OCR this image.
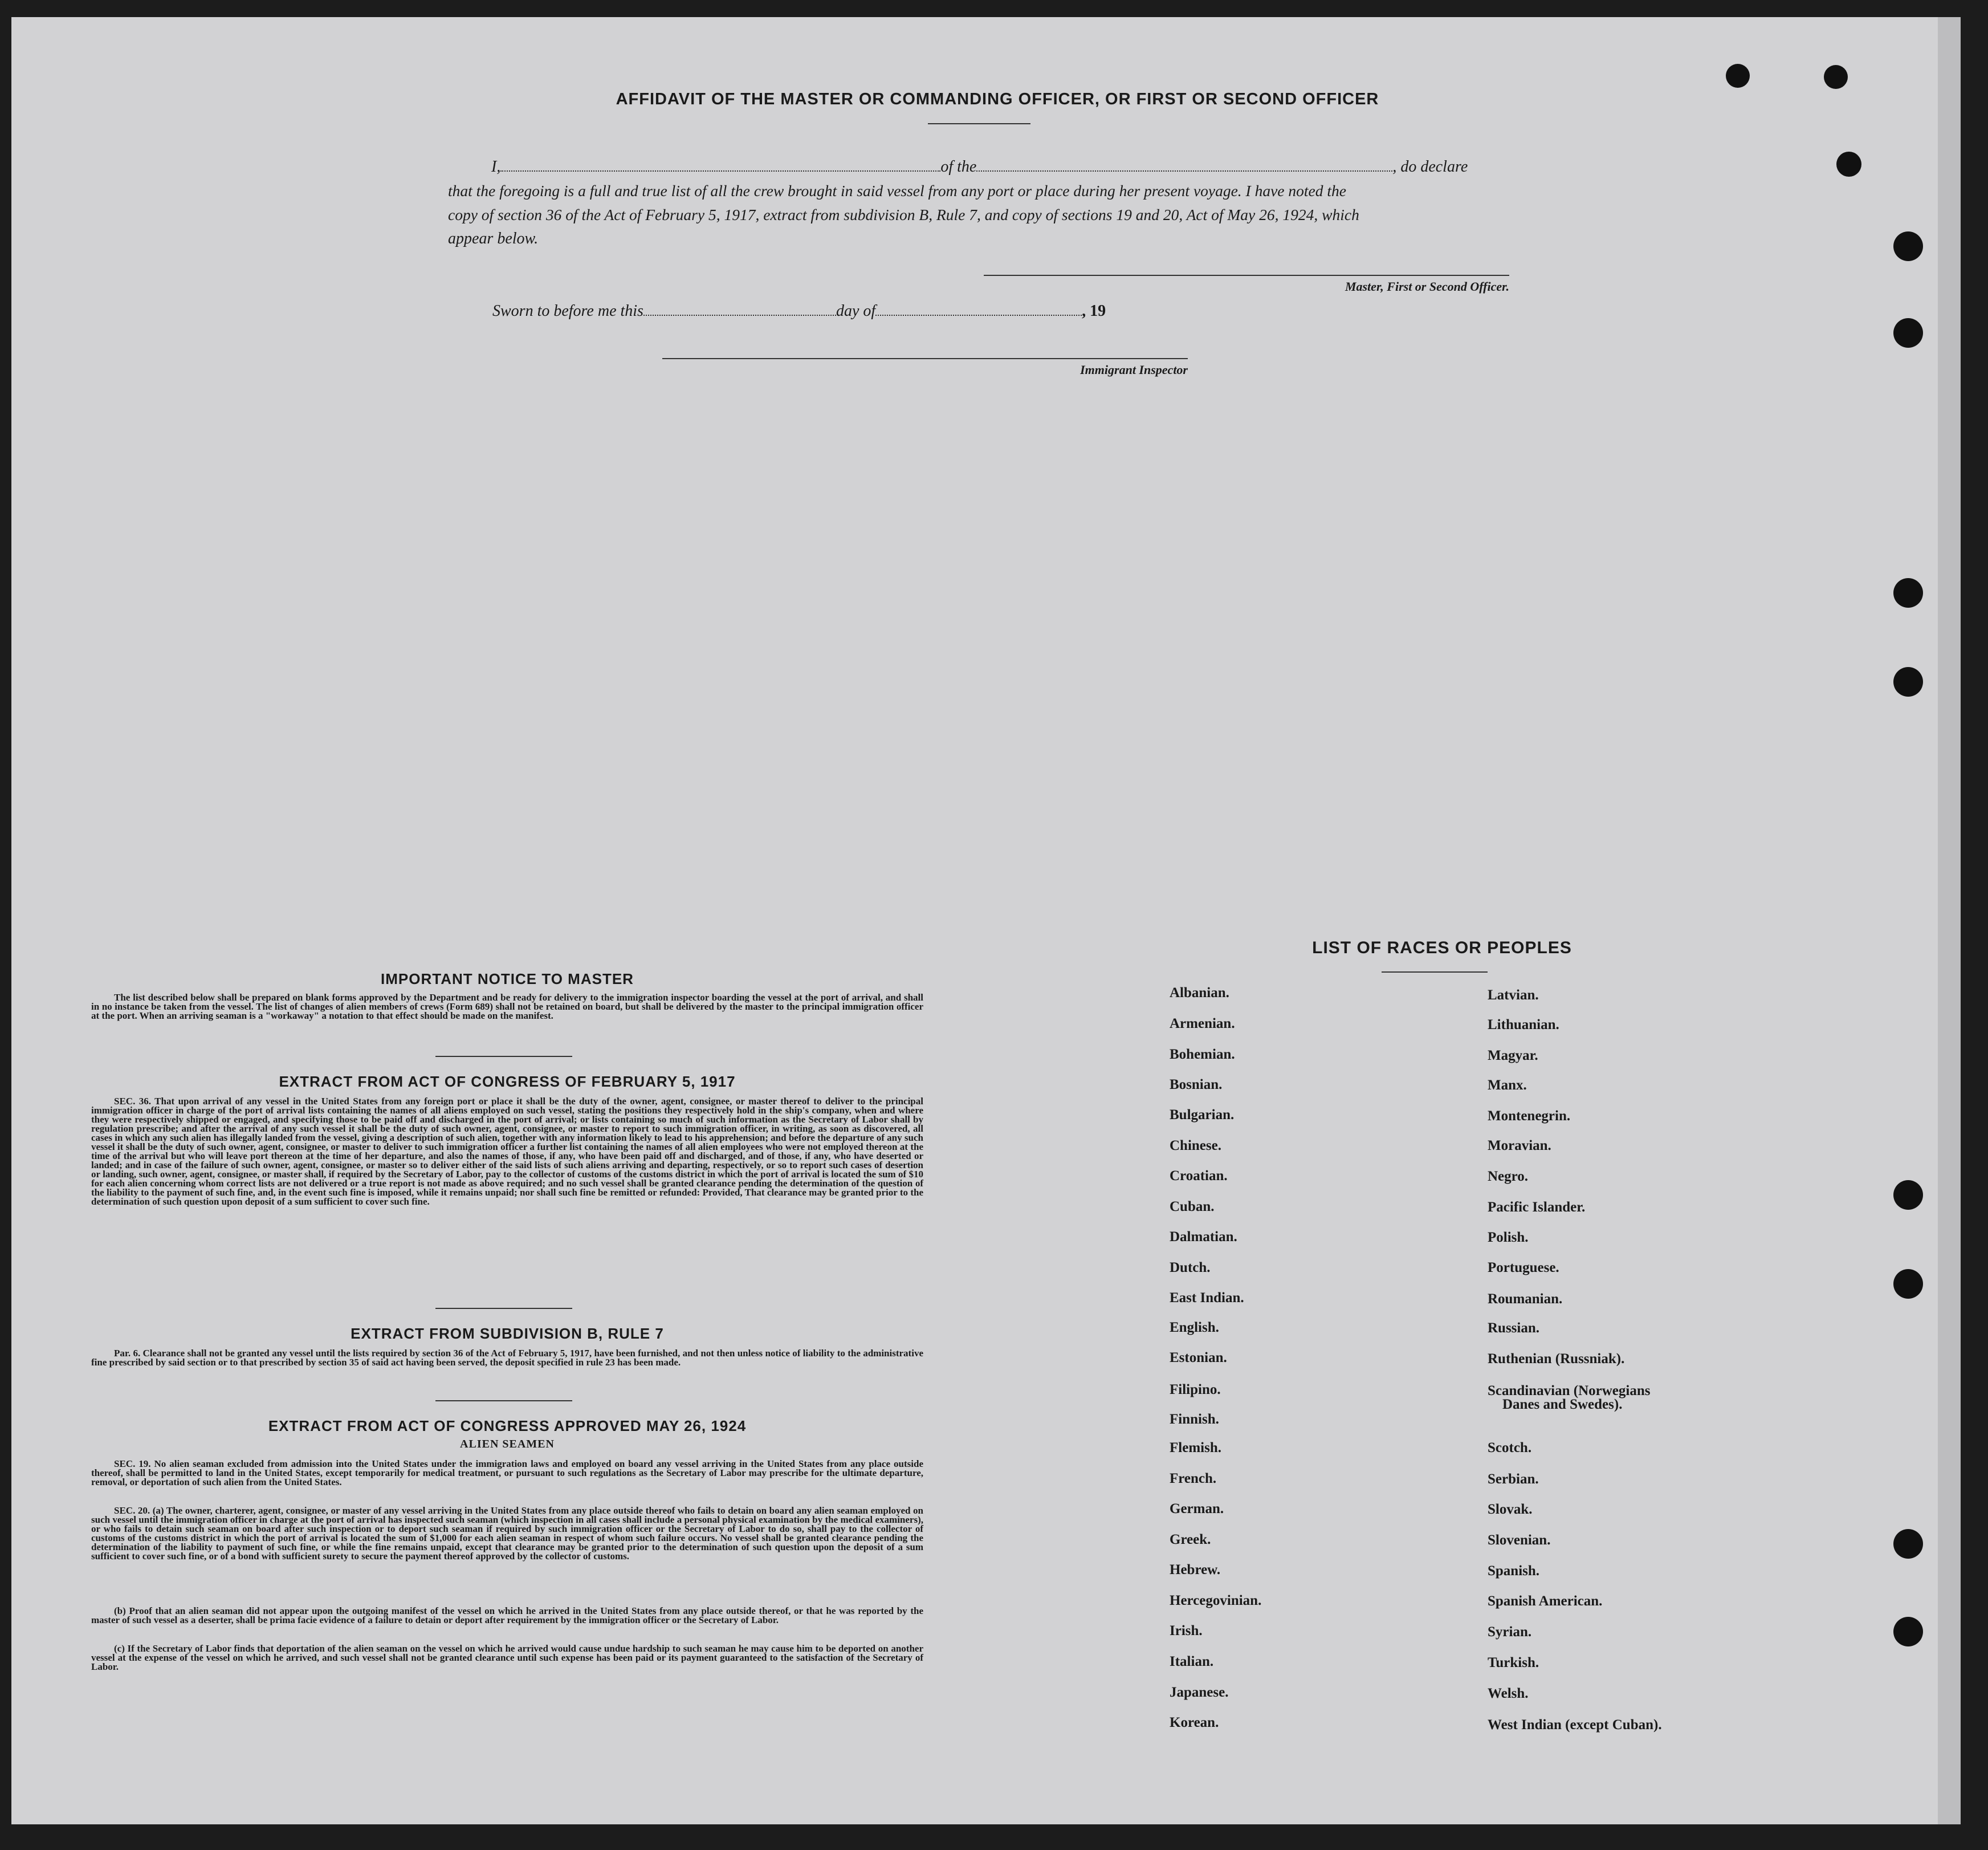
AFFIDAVIT OF THE MASTER OR COMMANDING OFFICER, OR FIRST OR SECOND OFFICER
I,	of the	, do declare
that the foregoing is a full and true list of all the crew brought in said vessel from any port or place during her present voyage. I have noted the
copy of section 36 of the Act of February 5, 1917, extract from subdivision B, Rule 7, and copy of sections 19 and 20, Act of May 26, 1924, which
appear below.
Master, First or Second Officer.
Sworn to before me this	day of	, 19
Immigrant Inspector
IMPORTANT NOTICE TO MASTER
The list described below shall be prepared on blank forms approved by the Department and be ready for delivery to the immigration inspector boarding the vessel at the port of arrival, and shall in no instance be taken from the vessel. The list of changes of alien members of crews (Form 689) shall not be retained on board, but shall be delivered by the master to the principal immigration officer at the port. When an arriving seaman is a "workaway" a notation to that effect should be made on the manifest.
EXTRACT FROM ACT OF CONGRESS OF FEBRUARY 5, 1917
SEC. 36. That upon arrival of any vessel in the United States from any foreign port or place it shall be the duty of the owner, agent, consignee, or master thereof to deliver to the principal immigration officer in charge of the port of arrival lists containing the names of all aliens employed on such vessel, stating the positions they respectively hold in the ship's company, when and where they were respectively shipped or engaged, and specifying those to be paid off and discharged in the port of arrival; or lists containing so much of such information as the Secretary of Labor shall by regulation prescribe; and after the arrival of any such vessel it shall be the duty of such owner, agent, consignee, or master to report to such immigration officer, in writing, as soon as discovered, all cases in which any such alien has illegally landed from the vessel, giving a description of such alien, together with any information likely to lead to his apprehension; and before the departure of any such vessel it shall be the duty of such owner, agent, consignee, or master to deliver to such immigration officer a further list containing the names of all alien employees who were not employed thereon at the time of the arrival but who will leave port thereon at the time of her departure, and also the names of those, if any, who have been paid off and discharged, and of those, if any, who have deserted or landed; and in case of the failure of such owner, agent, consignee, or master so to deliver either of the said lists of such aliens arriving and departing, respectively, or so to report such cases of desertion or landing, such owner, agent, consignee, or master shall, if required by the Secretary of Labor, pay to the collector of customs of the customs district in which the port of arrival is located the sum of $10 for each alien concerning whom correct lists are not delivered or a true report is not made as above required; and no such vessel shall be granted clearance pending the determination of the question of the liability to the payment of such fine, and, in the event such fine is imposed, while it remains unpaid; nor shall such fine be remitted or refunded: Provided, That clearance may be granted prior to the determination of such question upon deposit of a sum sufficient to cover such fine.
EXTRACT FROM SUBDIVISION B, RULE 7
Par. 6. Clearance shall not be granted any vessel until the lists required by section 36 of the Act of February 5, 1917, have been furnished, and not then unless notice of liability to the administrative fine prescribed by said section or to that prescribed by section 35 of said act having been served, the deposit specified in rule 23 has been made.
EXTRACT FROM ACT OF CONGRESS APPROVED MAY 26, 1924
ALIEN SEAMEN
SEC. 19. No alien seaman excluded from admission into the United States under the immigration laws and employed on board any vessel arriving in the United States from any place outside thereof, shall be permitted to land in the United States, except temporarily for medical treatment, or pursuant to such regulations as the Secretary of Labor may prescribe for the ultimate departure, removal, or deportation of such alien from the United States.
SEC. 20. (a) The owner, charterer, agent, consignee, or master of any vessel arriving in the United States from any place outside thereof who fails to detain on board any alien seaman employed on such vessel until the immigration officer in charge at the port of arrival has inspected such seaman (which inspection in all cases shall include a personal physical examination by the medical examiners), or who fails to detain such seaman on board after such inspection or to deport such seaman if required by such immigration officer or the Secretary of Labor to do so, shall pay to the collector of customs of the customs district in which the port of arrival is located the sum of $1,000 for each alien seaman in respect of whom such failure occurs. No vessel shall be granted clearance pending the determination of the liability to payment of such fine, or while the fine remains unpaid, except that clearance may be granted prior to the determination of such question upon the deposit of a sum sufficient to cover such fine, or of a bond with sufficient surety to secure the payment thereof approved by the collector of customs.
(b) Proof that an alien seaman did not appear upon the outgoing manifest of the vessel on which he arrived in the United States from any place outside thereof, or that he was reported by the master of such vessel as a deserter, shall be prima facie evidence of a failure to detain or deport after requirement by the immigration officer or the Secretary of Labor.
(c) If the Secretary of Labor finds that deportation of the alien seaman on the vessel on which he arrived would cause undue hardship to such seaman he may cause him to be deported on another vessel at the expense of the vessel on which he arrived, and such vessel shall not be granted clearance until such expense has been paid or its payment guaranteed to the satisfaction of the Secretary of Labor.
LIST OF RACES OR PEOPLES
Albanian.
Armenian.
Bohemian.
Bosnian.
Bulgarian.
Chinese.
Croatian.
Cuban.
Dalmatian.
Dutch.
East Indian.
English.
Estonian.
Filipino.
Finnish.
Flemish.
French.
German.
Greek.
Hebrew.
Hercegovinian.
Irish.
Italian.
Japanese.
Korean.
Latvian.
Lithuanian.
Magyar.
Manx.
Montenegrin.
Moravian.
Negro.
Pacific Islander.
Polish.
Portuguese.
Roumanian.
Russian.
Ruthenian (Russniak).
Scandinavian (Norwegians
Danes and Swedes).
Scotch.
Serbian.
Slovak.
Slovenian.
Spanish.
Spanish American.
Syrian.
Turkish.
Welsh.
West Indian (except Cuban).
